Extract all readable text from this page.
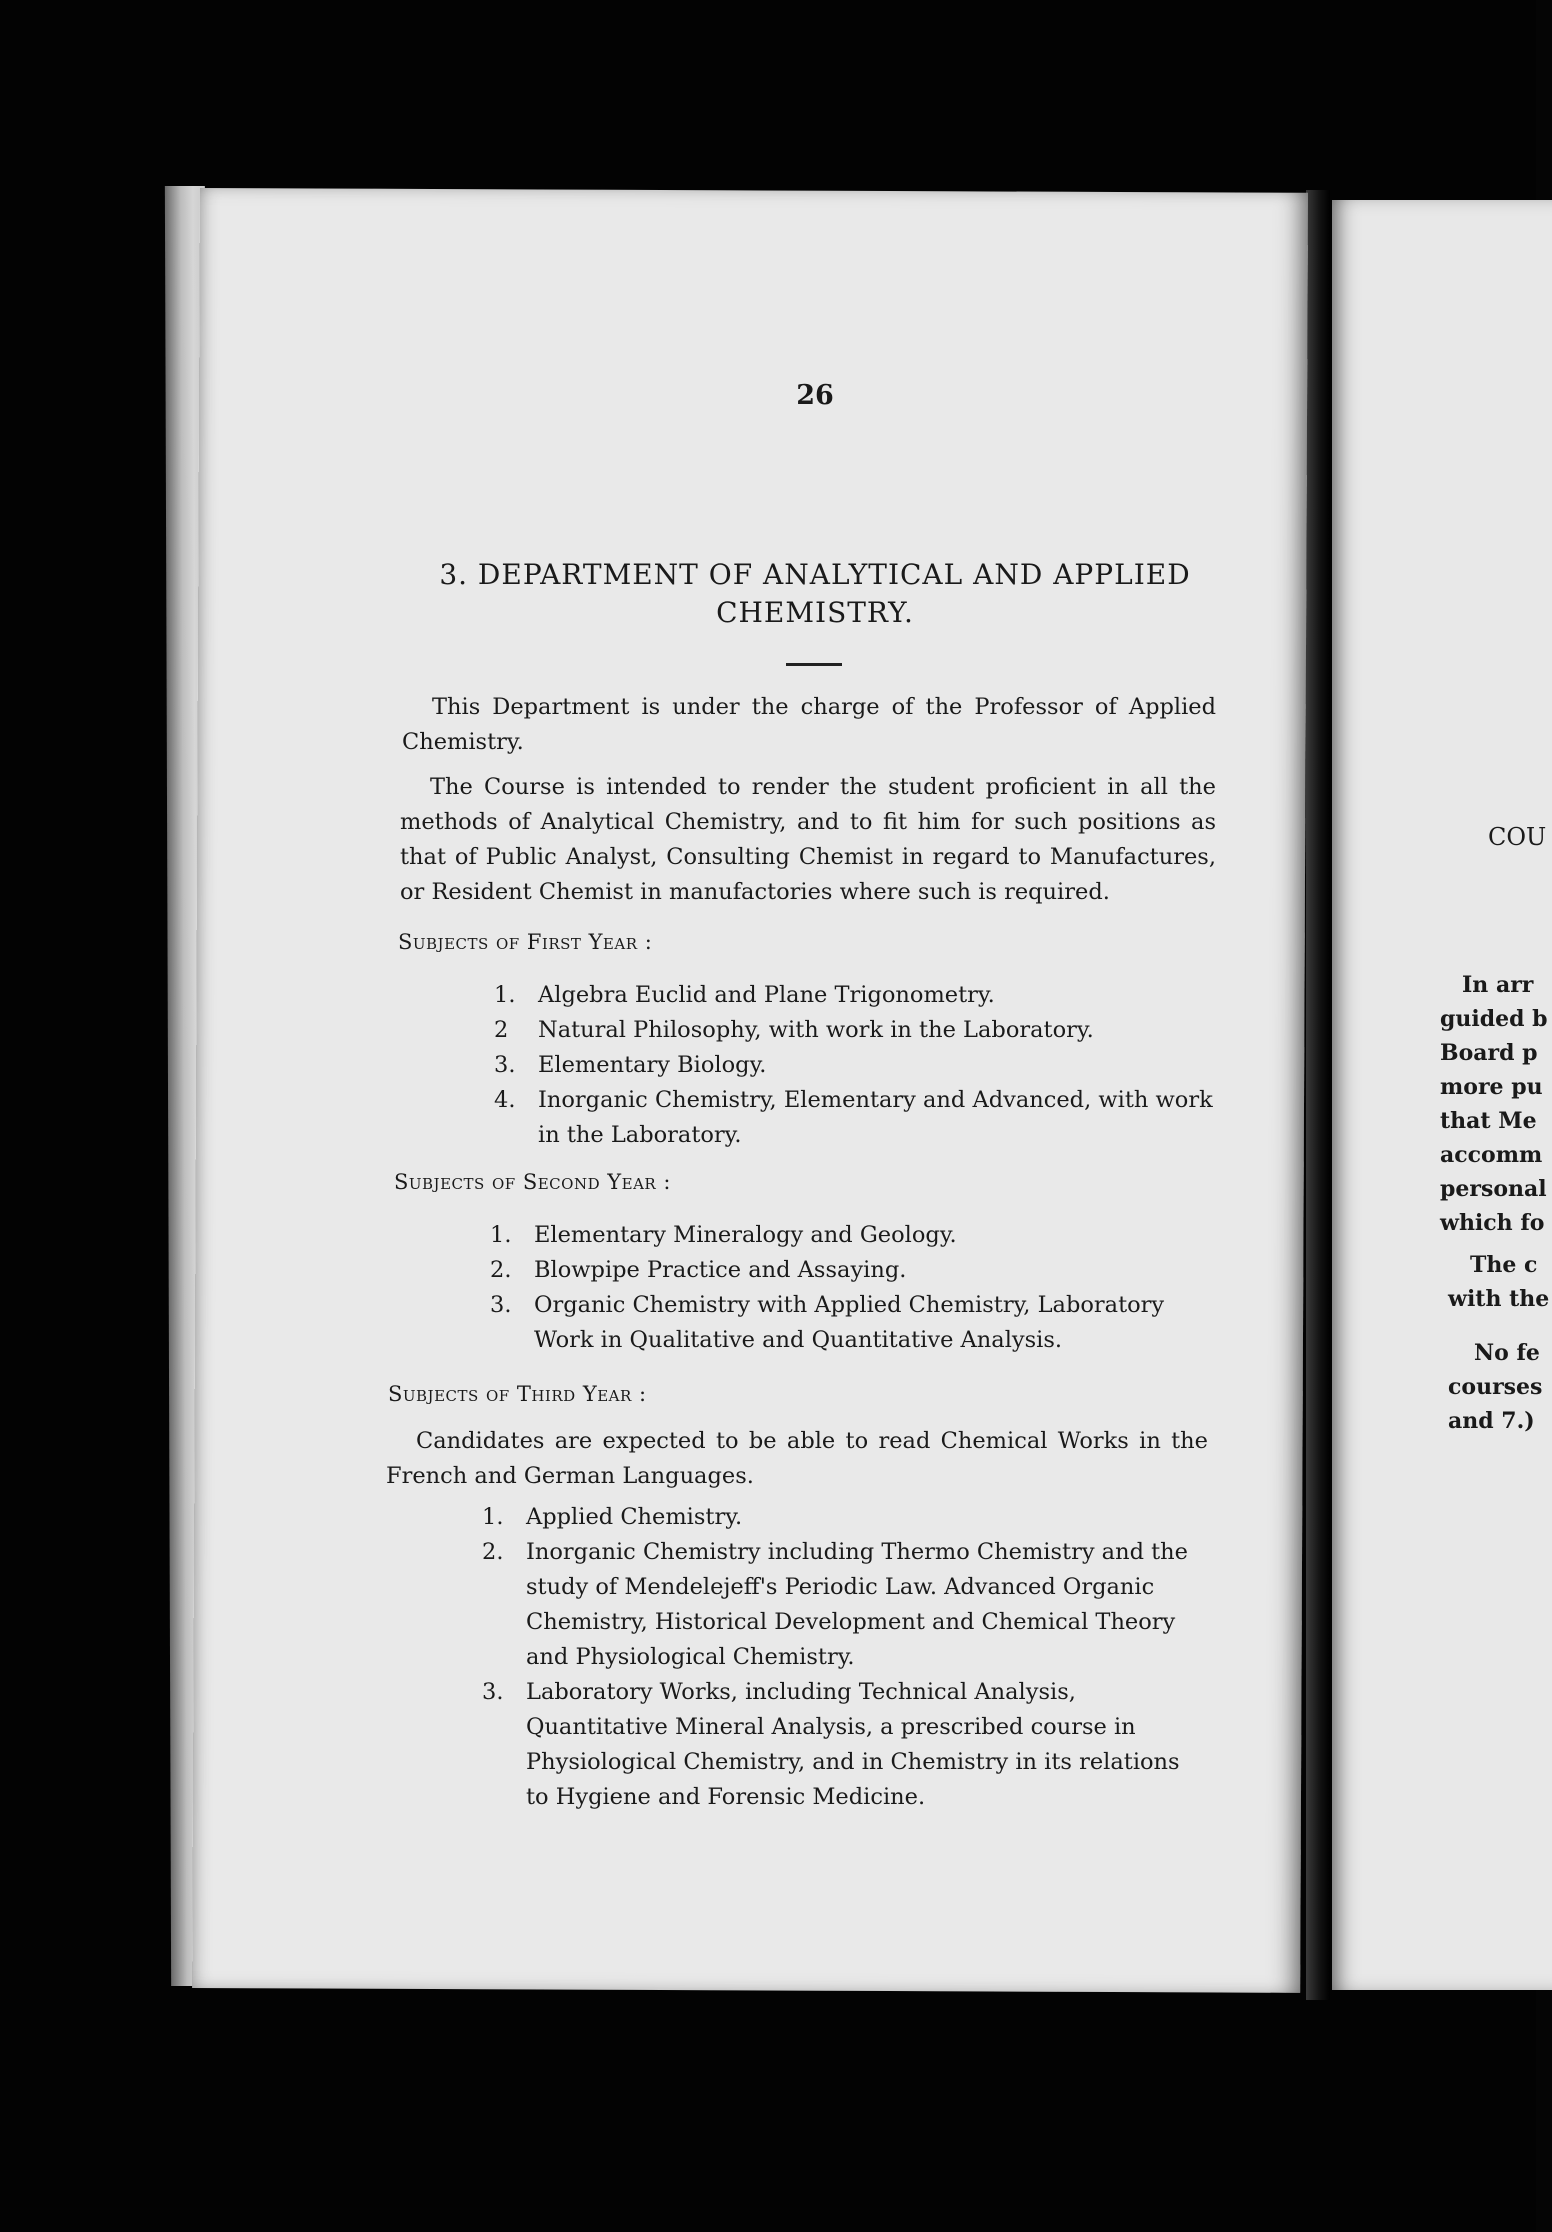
COU
In arr
guided b
Board p
more pu
that Me
accomm
personal
which fo
The c
with the
No fe
courses
and 7.)
26
3. DEPARTMENT OF ANALYTICAL AND APPLIED
CHEMISTRY.
This Department is under the charge of the Professor of Applied Chemistry.
The Course is intended to render the student proficient in all the methods of Analytical Chemistry, and to fit him for such positions as that of Public Analyst, Consulting Chemist in regard to Manufactures, or Resident Chemist in manufactories where such is required.
Subjects of First Year :
1. Algebra Euclid and Plane Trigonometry.
2 Natural Philosophy, with work in the Laboratory.
3. Elementary Biology.
4. Inorganic Chemistry, Elementary and Advanced, with work in the Laboratory.
Subjects of Second Year :
1. Elementary Mineralogy and Geology.
2. Blowpipe Practice and Assaying.
3. Organic Chemistry with Applied Chemistry, Laboratory Work in Qualitative and Quantitative Analysis.
Subjects of Third Year :
Candidates are expected to be able to read Chemical Works in the French and German Languages.
1. Applied Chemistry.
2. Inorganic Chemistry including Thermo Chemistry and the study of Mendelejeff's Periodic Law. Advanced Organic Chemistry, Historical Development and Chemical Theory and Physiological Chemistry.
3. Laboratory Works, including Technical Analysis, Quantitative Mineral Analysis, a prescribed course in Physiological Chemistry, and in Chemistry in its relations to Hygiene and Forensic Medicine.
